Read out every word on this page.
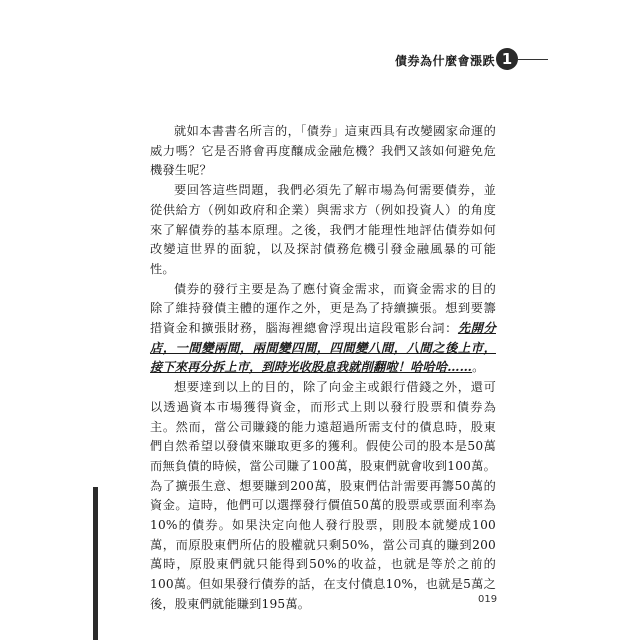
債券為什麼會漲跌 1

就如本書書名所言的，「債券」這東西具有改變國家命運的威力嗎？它是否將會再度釀成金融危機？我們又該如何避免危機發生呢？

要回答這些問題，我們必須先了解市場為何需要債券，並從供給方（例如政府和企業）與需求方（例如投資人）的角度來了解債券的基本原理。之後，我們才能理性地評估債券如何改變這世界的面貌，以及探討債務危機引發金融風暴的可能性。

債券的發行主要是為了應付資金需求，而資金需求的目的除了維持發債主體的運作之外，更是為了持續擴張。想到要籌措資金和擴張財務，腦海裡總會浮現出這段電影台詞：先開分店，一間變兩間，兩間變四間，四間變八間，八間之後上市，接下來再分拆上市，到時光收股息我就削翻啦！哈哈哈……。

想要達到以上的目的，除了向金主或銀行借錢之外，還可以透過資本市場獲得資金，而形式上則以發行股票和債券為主。然而，當公司賺錢的能力遠超過所需支付的債息時，股東們自然希望以發債來賺取更多的獲利。假使公司的股本是50萬而無負債的時候，當公司賺了100萬，股東們就會收到100萬。為了擴張生意、想要賺到200萬，股東們估計需要再籌50萬的資金。這時，他們可以選擇發行價值50萬的股票或票面利率為10%的債券。如果決定向他人發行股票，則股本就變成100萬，而原股東們所佔的股權就只剩50%，當公司真的賺到200萬時，原股東們就只能得到50%的收益，也就是等於之前的100萬。但如果發行債券的話，在支付債息10%，也就是5萬之後，股東們就能賺到195萬。	019
